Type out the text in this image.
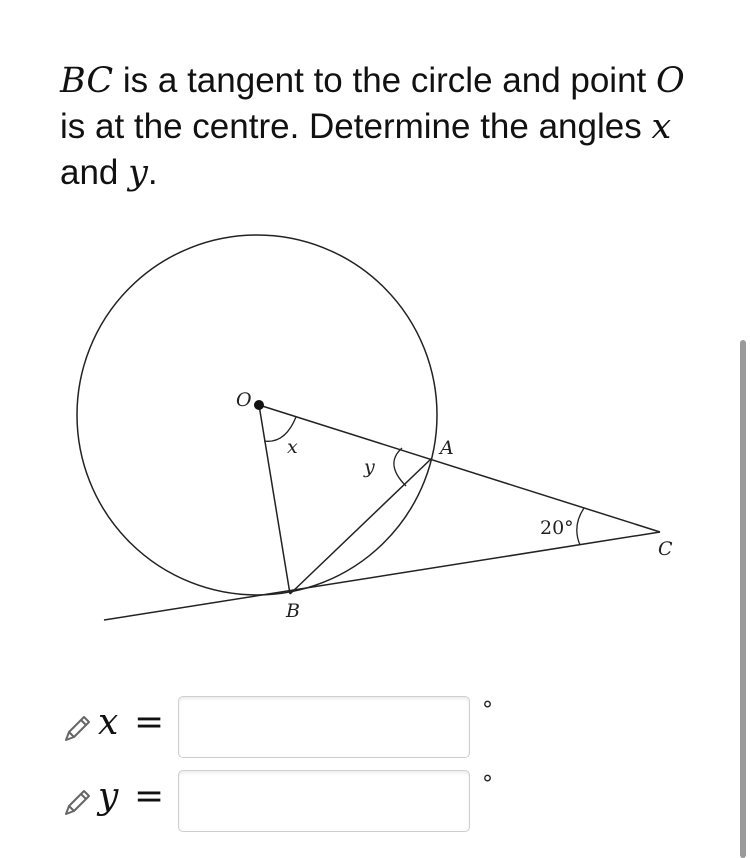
BC is a tangent to the circle and point O is at the centre. Determine the angles x and y.
O
A
B
C
x
y
20°
x =	°
y =	°
